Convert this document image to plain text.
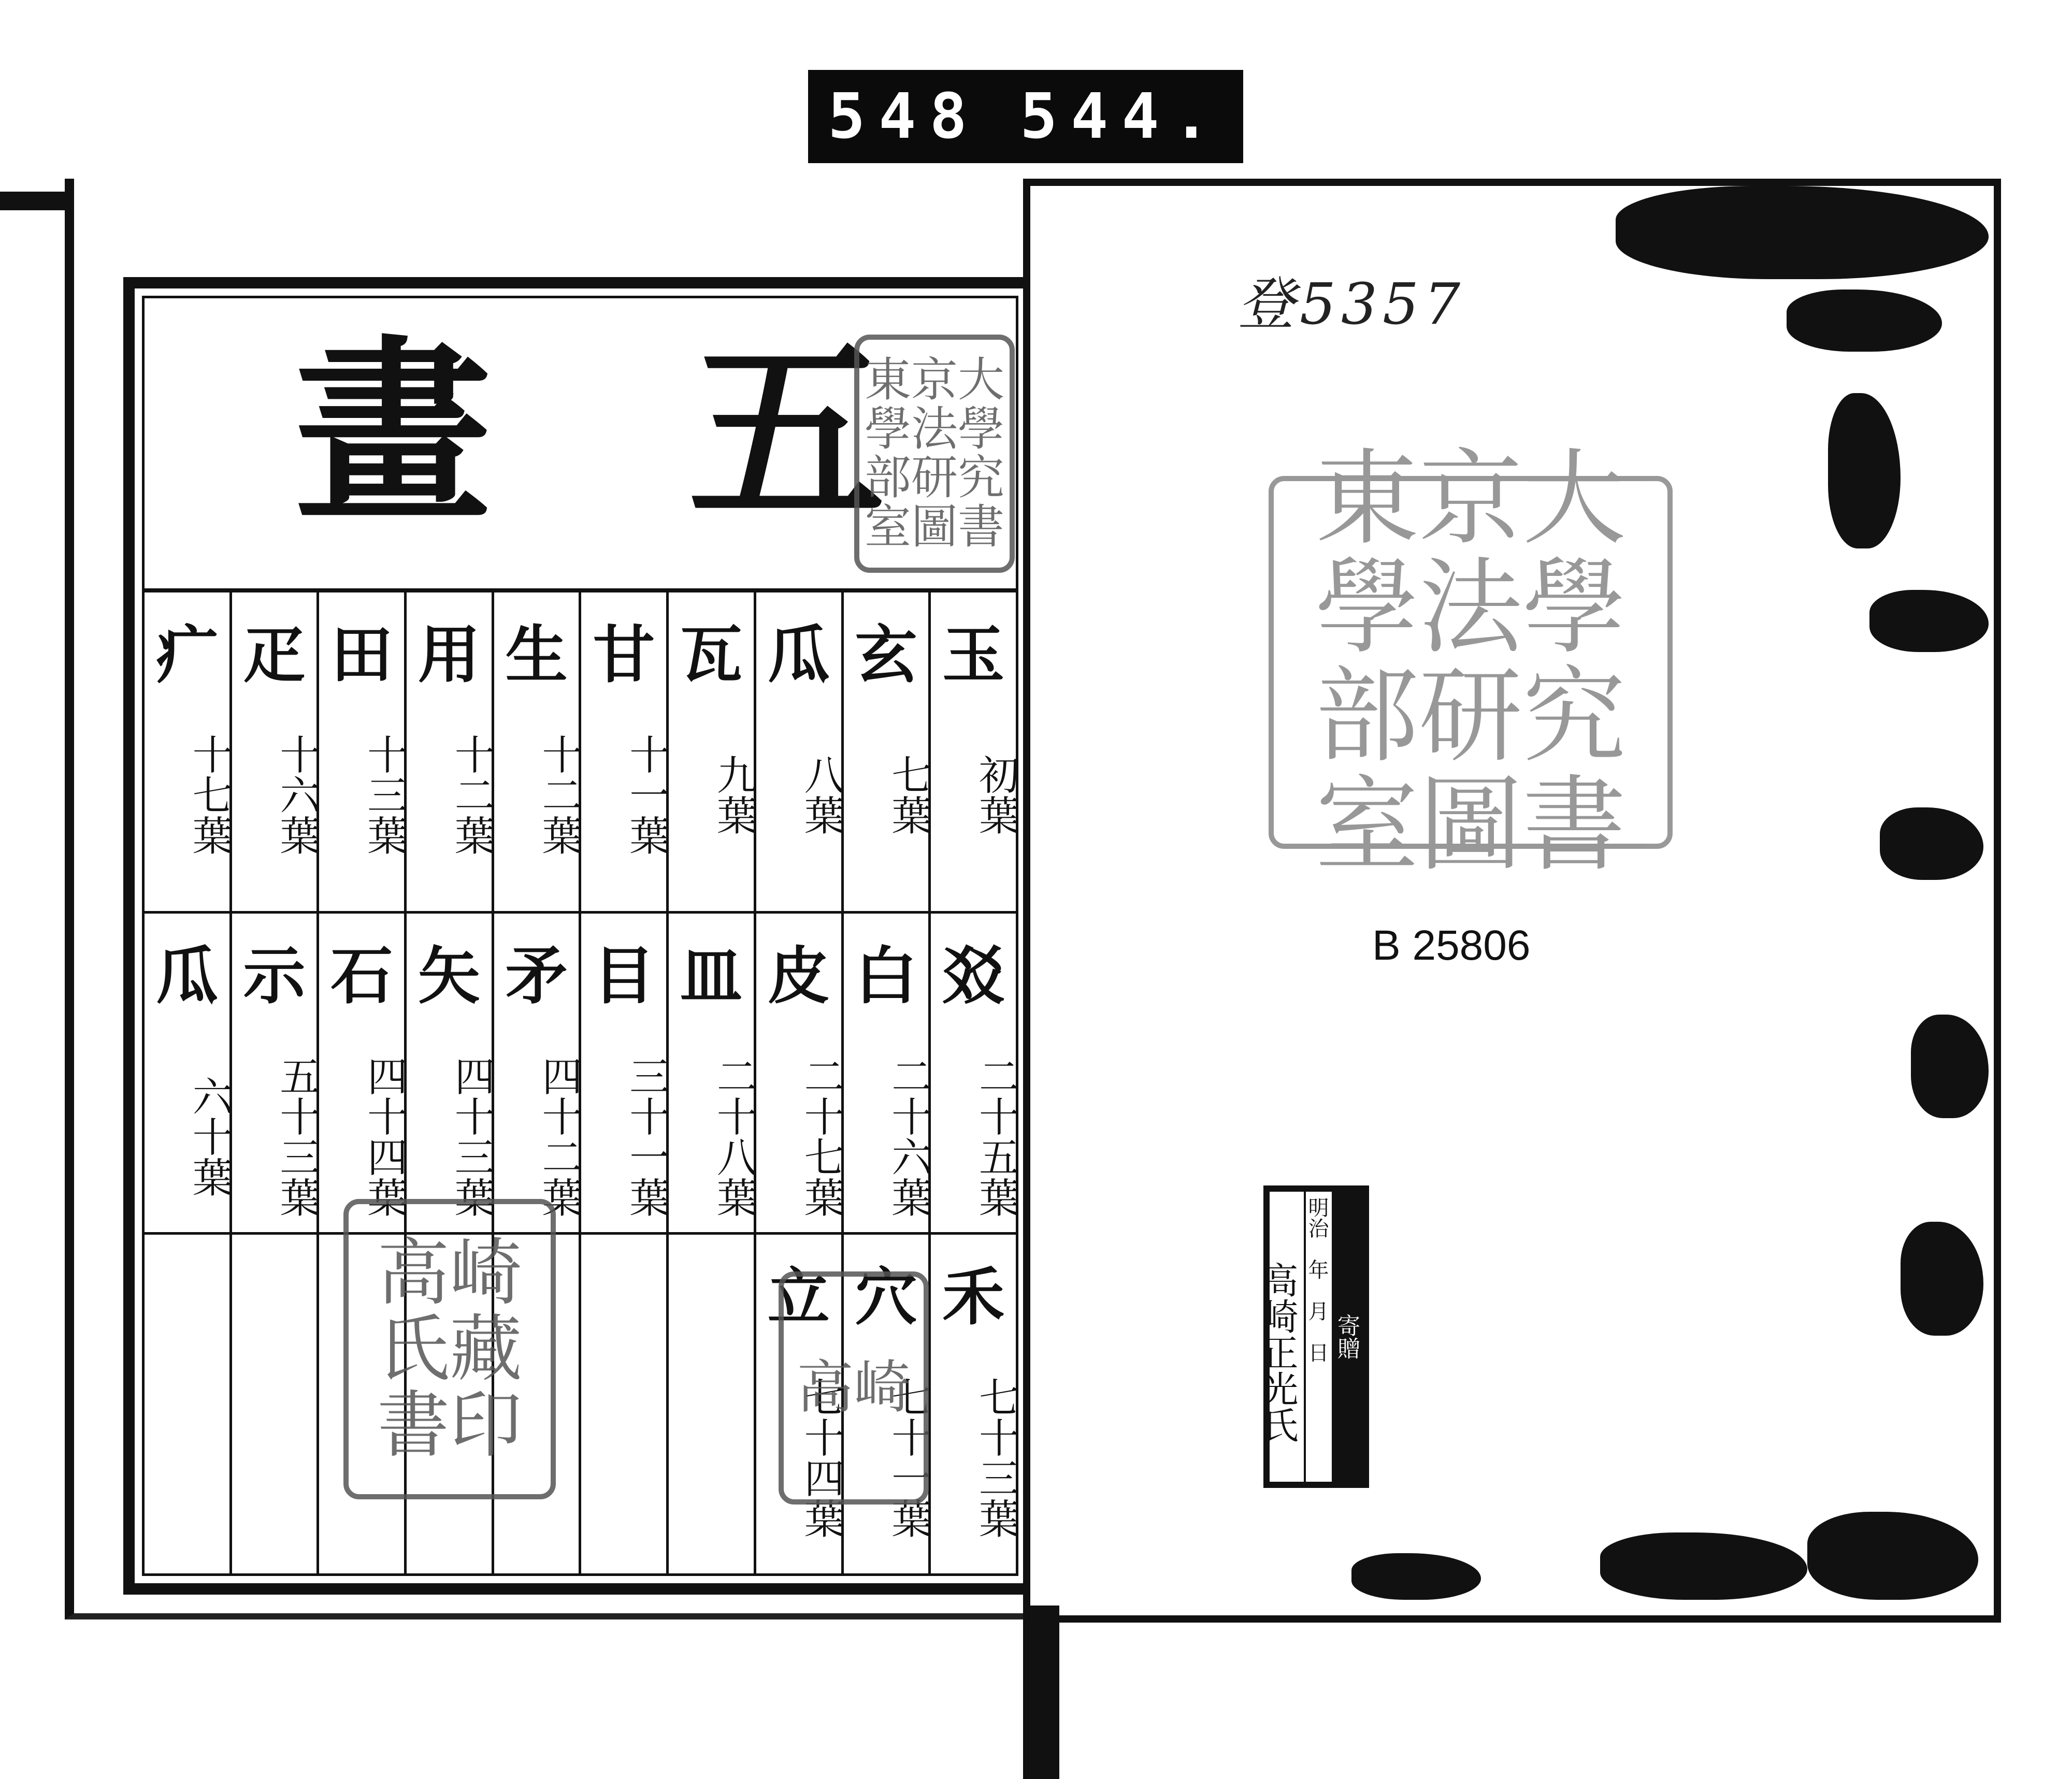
548 544.
畫 五
東京大學法學部研究室圖書
玉
初葉
㸚
二十五葉
禾
七十三葉
玄
七葉
白
二十六葉
穴
七十一葉
瓜
八葉
皮
二十七葉
立
七十四葉
瓦
九葉
皿
二十八葉
甘
十一葉
目
三十一葉
生
十二葉
矛
四十二葉
用
十二葉
矢
四十三葉
田
十三葉
石
四十四葉
疋
十六葉
示
五十三葉
疒
十七葉
瓜
六十葉
高崎氏藏書印	高崎
登5357
東京大學法學部研究室圖書
B 25806
寄贈
明治　年　月　日
高崎正光氏
